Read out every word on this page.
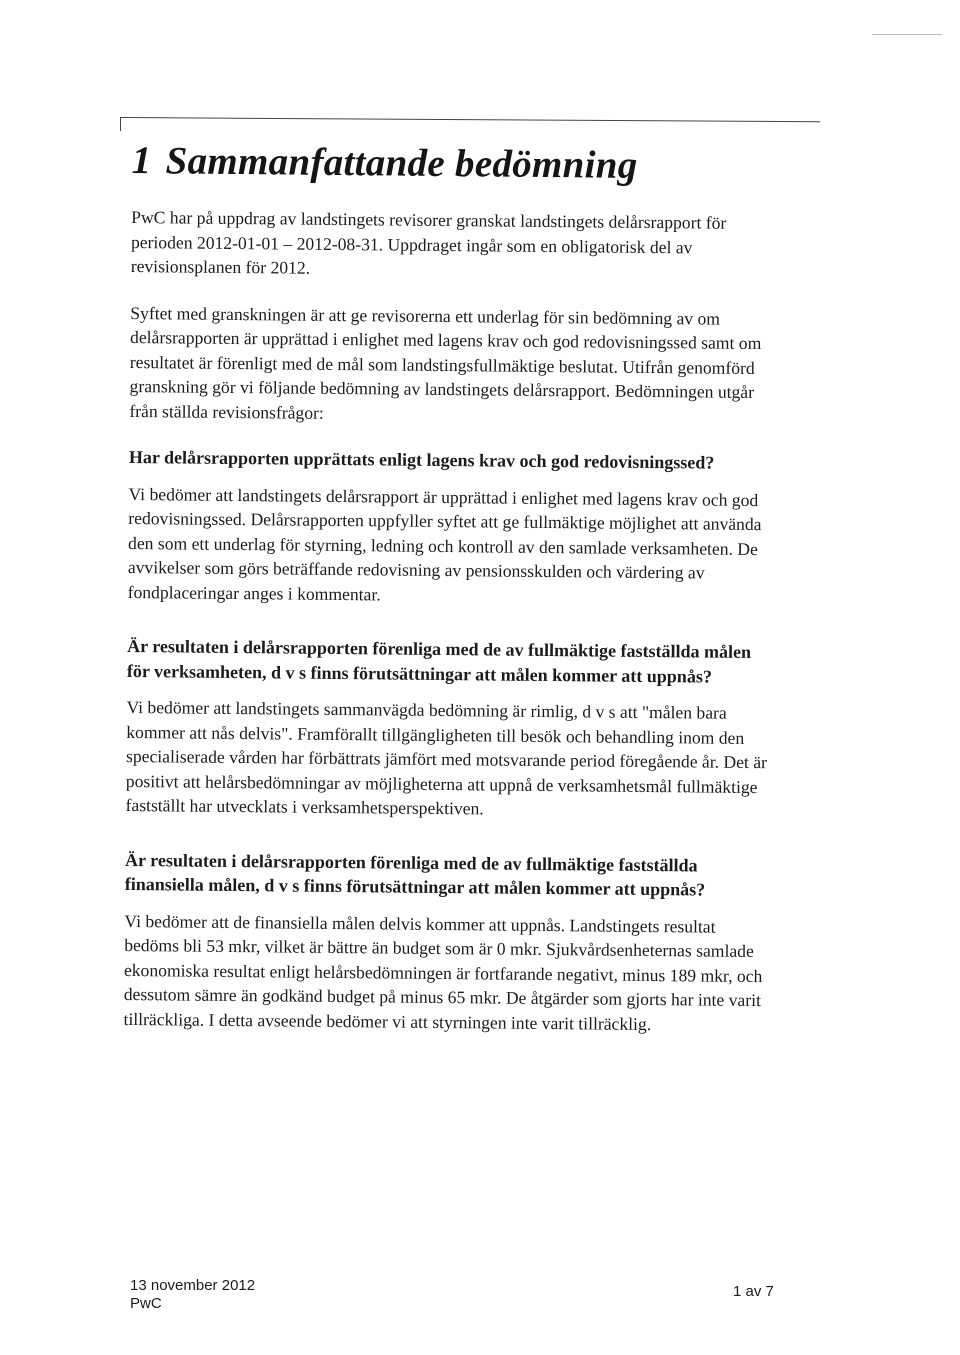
1 Sammanfattande bedömning

PwC har på uppdrag av landstingets revisorer granskat landstingets delårsrapport för perioden 2012-01-01 – 2012-08-31. Uppdraget ingår som en obligatorisk del av revisionsplanen för 2012.

Syftet med granskningen är att ge revisorerna ett underlag för sin bedömning av om delårsrapporten är upprättad i enlighet med lagens krav och god redovisningssed samt om resultatet är förenligt med de mål som landstingsfullmäktige beslutat. Utifrån genomförd granskning gör vi följande bedömning av landstingets delårsrapport. Bedömningen utgår från ställda revisionsfrågor:

Har delårsrapporten upprättats enligt lagens krav och god redovisningssed?

Vi bedömer att landstingets delårsrapport är upprättad i enlighet med lagens krav och god redovisningssed. Delårsrapporten uppfyller syftet att ge fullmäktige möjlighet att använda den som ett underlag för styrning, ledning och kontroll av den samlade verksamheten. De avvikelser som görs beträffande redovisning av pensionsskulden och värdering av fondplaceringar anges i kommentar.

Är resultaten i delårsrapporten förenliga med de av fullmäktige fastställda målen för verksamheten, d v s finns förutsättningar att målen kommer att uppnås?

Vi bedömer att landstingets sammanvägda bedömning är rimlig, d v s att "målen bara kommer att nås delvis". Framförallt tillgängligheten till besök och behandling inom den specialiserade vården har förbättrats jämfört med motsvarande period föregående år. Det är positivt att helårsbedömningar av möjligheterna att uppnå de verksamhetsmål fullmäktige fastställt har utvecklats i verksamhetsperspektiven.

Är resultaten i delårsrapporten förenliga med de av fullmäktige fastställda finansiella målen, d v s finns förutsättningar att målen kommer att uppnås?

Vi bedömer att de finansiella målen delvis kommer att uppnås. Landstingets resultat bedöms bli 53 mkr, vilket är bättre än budget som är 0 mkr. Sjukvårdsenheternas samlade ekonomiska resultat enligt helårsbedömningen är fortfarande negativt, minus 189 mkr, och dessutom sämre än godkänd budget på minus 65 mkr. De åtgärder som gjorts har inte varit tillräckliga. I detta avseende bedömer vi att styrningen inte varit tillräcklig.

13 november 2012
PwC
1 av 7
